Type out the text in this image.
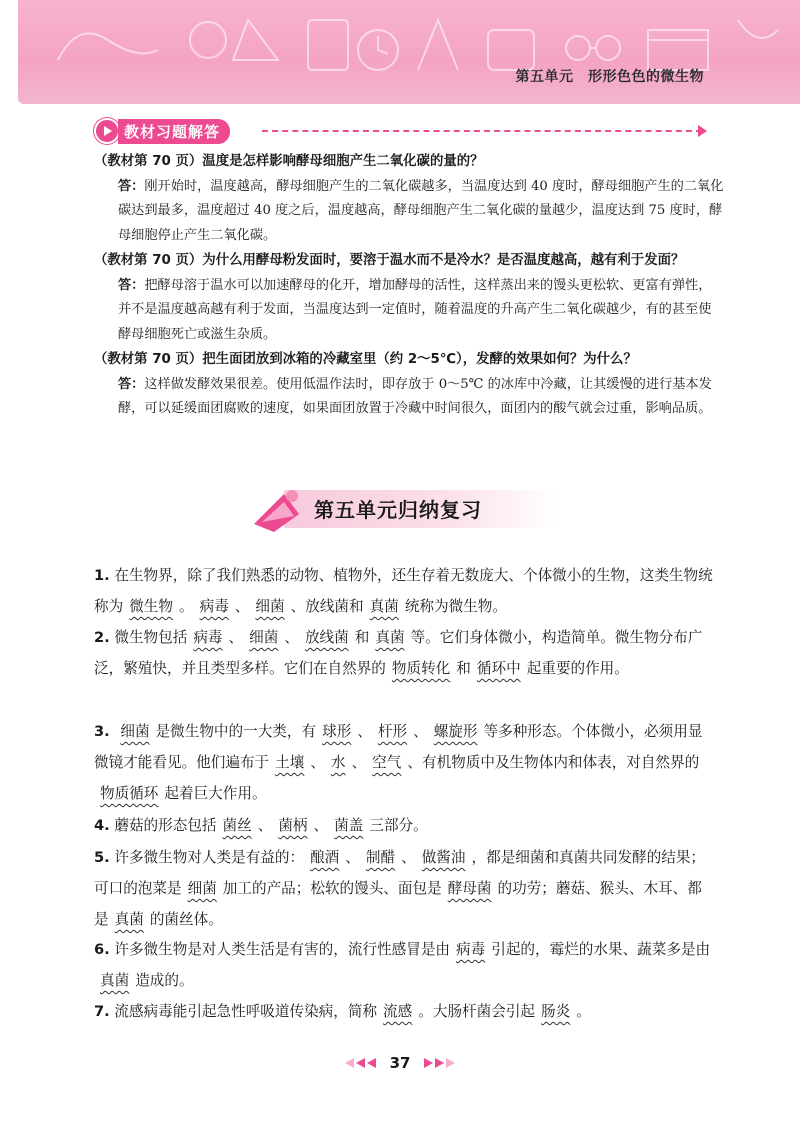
第五单元　形形色色的微生物
教材习题解答
（教材第 70 页）温度是怎样影响酵母细胞产生二氧化碳的量的？
答：刚开始时，温度越高，酵母细胞产生的二氧化碳越多，当温度达到 40 度时，酵母细胞产生的二氧化碳达到最多，温度超过 40 度之后，温度越高，酵母细胞产生二氧化碳的量越少，温度达到 75 度时，酵母细胞停止产生二氧化碳。
（教材第 70 页）为什么用酵母粉发面时，要溶于温水而不是冷水？是否温度越高，越有利于发面？
答：把酵母溶于温水可以加速酵母的化开，增加酵母的活性，这样蒸出来的馒头更松软、更富有弹性，并不是温度越高越有利于发面，当温度达到一定值时，随着温度的升高产生二氧化碳越少，有的甚至使酵母细胞死亡或滋生杂质。
（教材第 70 页）把生面团放到冰箱的冷藏室里（约 2～5℃），发酵的效果如何？为什么？
答：这样做发酵效果很差。使用低温作法时，即存放于 0～5℃ 的冰库中冷藏，让其缓慢的进行基本发酵，可以延缓面团腐败的速度，如果面团放置于冷藏中时间很久，面团内的酸气就会过重，影响品质。
第五单元归纳复习
1. 在生物界，除了我们熟悉的动物、植物外，还生存着无数庞大、个体微小的生物，这类生物统称为 微生物 。 病毒 、 细菌 、放线菌和 真菌 统称为微生物。
2. 微生物包括 病毒 、 细菌 、 放线菌 和 真菌 等。它们身体微小，构造简单。微生物分布广泛，繁殖快，并且类型多样。它们在自然界的 物质转化 和 循环中 起重要的作用。
3. 细菌 是微生物中的一大类，有 球形 、 杆形 、 螺旋形 等多种形态。个体微小，必须用显微镜才能看见。他们遍布于 土壤 、 水 、 空气 、有机物质中及生物体内和体表，对自然界的物质循环 起着巨大作用。
4. 蘑菇的形态包括 菌丝 、 菌柄 、 菌盖 三部分。
5. 许多微生物对人类是有益的： 酿酒 、 制醋 、 做酱油 ，都是细菌和真菌共同发酵的结果；可口的泡菜是 细菌 加工的产品；松软的馒头、面包是 酵母菌 的功劳；蘑菇、猴头、木耳、都是 真菌 的菌丝体。
6. 许多微生物是对人类生活是有害的，流行性感冒是由 病毒 引起的，霉烂的水果、蔬菜多是由真菌 造成的。
7. 流感病毒能引起急性呼吸道传染病，简称 流感 。大肠杆菌会引起 肠炎 。
37
